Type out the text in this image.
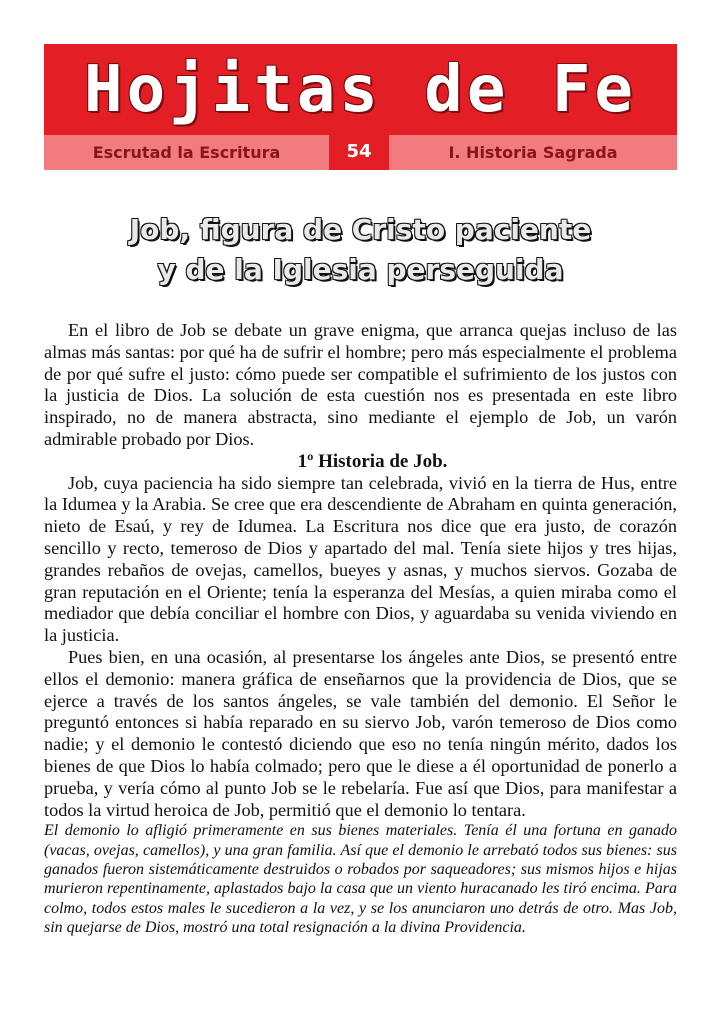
Hojitas de Fe
Escrutad la Escritura	54	I. Historia Sagrada
Job, figura de Cristo paciente
y de la Iglesia perseguida

En el libro de Job se debate un grave enigma, que arranca quejas incluso de las almas más santas: por qué ha de sufrir el hombre; pero más especialmente el problema de por qué sufre el justo: cómo puede ser compatible el sufrimiento de los justos con la justicia de Dios. La solución de esta cuestión nos es presentada en este libro inspirado, no de manera abstracta, sino mediante el ejemplo de Job, un varón admirable probado por Dios.

1º Historia de Job.

Job, cuya paciencia ha sido siempre tan celebrada, vivió en la tierra de Hus, entre la Idumea y la Arabia. Se cree que era descendiente de Abraham en quinta generación, nieto de Esaú, y rey de Idumea. La Escritura nos dice que era justo, de corazón sencillo y recto, temeroso de Dios y apartado del mal. Tenía siete hijos y tres hijas, grandes rebaños de ovejas, camellos, bueyes y asnas, y muchos siervos. Gozaba de gran reputación en el Oriente; tenía la esperanza del Mesías, a quien miraba como el mediador que debía conciliar el hombre con Dios, y aguardaba su venida viviendo en la justicia.

Pues bien, en una ocasión, al presentarse los ángeles ante Dios, se presentó entre ellos el demonio: manera gráfica de enseñarnos que la providencia de Dios, que se ejerce a través de los santos ángeles, se vale también del demonio. El Señor le preguntó entonces si había reparado en su siervo Job, varón temeroso de Dios como nadie; y el demonio le contestó diciendo que eso no tenía ningún mérito, dados los bienes de que Dios lo había colmado; pero que le diese a él oportunidad de ponerlo a prueba, y vería cómo al punto Job se le rebelaría. Fue así que Dios, para manifestar a todos la virtud heroica de Job, permitió que el demonio lo tentara.

El demonio lo afligió primeramente en sus bienes materiales. Tenía él una fortuna en ganado (vacas, ovejas, camellos), y una gran familia. Así que el demonio le arrebató todos sus bienes: sus ganados fueron sistemáticamente destruidos o robados por saqueadores; sus mismos hijos e hijas murieron repentinamente, aplastados bajo la casa que un viento huracanado les tiró encima. Para colmo, todos estos males le sucedieron a la vez, y se los anunciaron uno detrás de otro. Mas Job, sin quejarse de Dios, mostró una total resignación a la divina Providencia.
